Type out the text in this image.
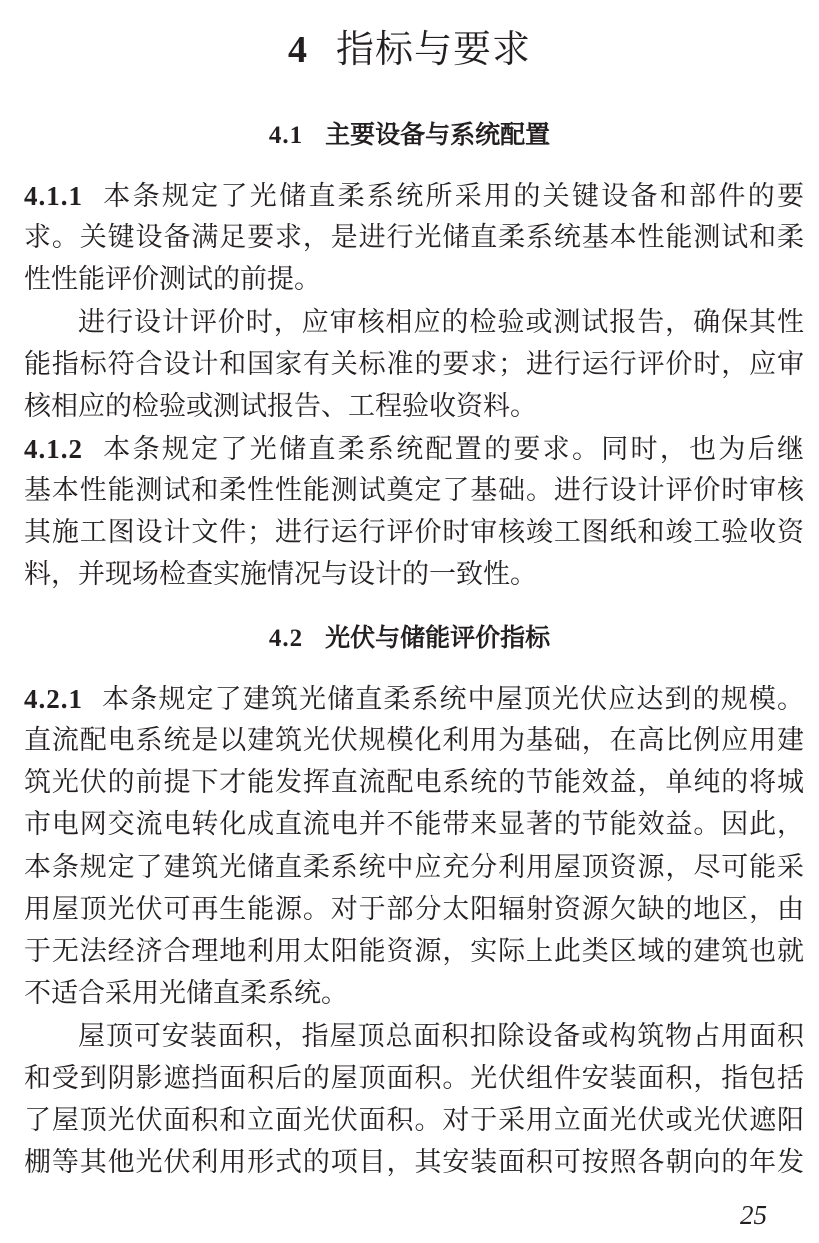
4 指标与要求
4.1 主要设备与系统配置
4.1.1 本条规定了光储直柔系统所采用的关键设备和部件的要
求。关键设备满足要求，是进行光储直柔系统基本性能测试和柔
性性能评价测试的前提。
进行设计评价时，应审核相应的检验或测试报告，确保其性
能指标符合设计和国家有关标准的要求；进行运行评价时，应审
核相应的检验或测试报告、工程验收资料。
4.1.2 本条规定了光储直柔系统配置的要求。同时，也为后继
基本性能测试和柔性性能测试奠定了基础。进行设计评价时审核
其施工图设计文件；进行运行评价时审核竣工图纸和竣工验收资
料，并现场检查实施情况与设计的一致性。
4.2 光伏与储能评价指标
4.2.1 本条规定了建筑光储直柔系统中屋顶光伏应达到的规模。
直流配电系统是以建筑光伏规模化利用为基础，在高比例应用建
筑光伏的前提下才能发挥直流配电系统的节能效益，单纯的将城
市电网交流电转化成直流电并不能带来显著的节能效益。因此，
本条规定了建筑光储直柔系统中应充分利用屋顶资源，尽可能采
用屋顶光伏可再生能源。对于部分太阳辐射资源欠缺的地区，由
于无法经济合理地利用太阳能资源，实际上此类区域的建筑也就
不适合采用光储直柔系统。
屋顶可安装面积，指屋顶总面积扣除设备或构筑物占用面积
和受到阴影遮挡面积后的屋顶面积。光伏组件安装面积，指包括
了屋顶光伏面积和立面光伏面积。对于采用立面光伏或光伏遮阳
棚等其他光伏利用形式的项目，其安装面积可按照各朝向的年发
25
